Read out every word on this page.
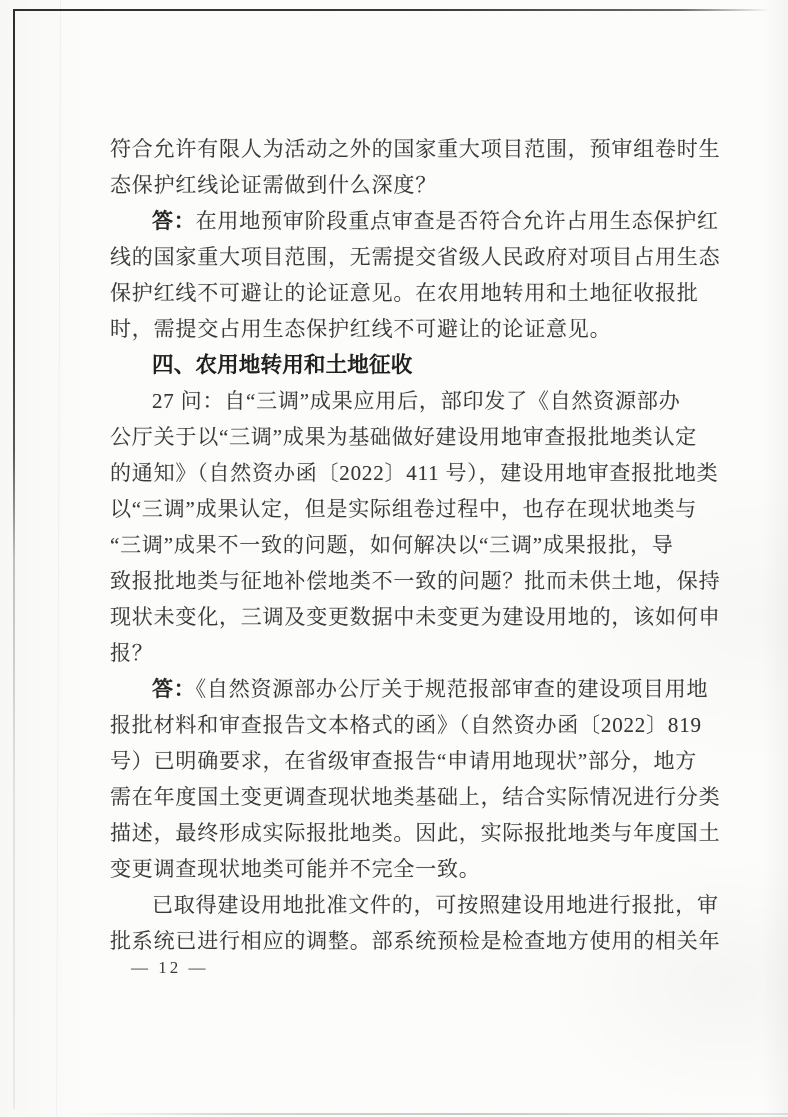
符合允许有限人为活动之外的国家重大项目范围，预审组卷时生
态保护红线论证需做到什么深度？
答：在用地预审阶段重点审查是否符合允许占用生态保护红
线的国家重大项目范围，无需提交省级人民政府对项目占用生态
保护红线不可避让的论证意见。在农用地转用和土地征收报批
时，需提交占用生态保护红线不可避让的论证意见。
四、农用地转用和土地征收
27 问：自“三调”成果应用后，部印发了《自然资源部办
公厅关于以“三调”成果为基础做好建设用地审查报批地类认定
的通知》（自然资办函〔2022〕411 号），建设用地审查报批地类
以“三调”成果认定，但是实际组卷过程中，也存在现状地类与
“三调”成果不一致的问题，如何解决以“三调”成果报批，导
致报批地类与征地补偿地类不一致的问题？批而未供土地，保持
现状未变化，三调及变更数据中未变更为建设用地的，该如何申
报？
答：《自然资源部办公厅关于规范报部审查的建设项目用地
报批材料和审查报告文本格式的函》（自然资办函〔2022〕819
号）已明确要求，在省级审查报告“申请用地现状”部分，地方
需在年度国土变更调查现状地类基础上，结合实际情况进行分类
描述，最终形成实际报批地类。因此，实际报批地类与年度国土
变更调查现状地类可能并不完全一致。
已取得建设用地批准文件的，可按照建设用地进行报批，审
批系统已进行相应的调整。部系统预检是检查地方使用的相关年
— 12 —
